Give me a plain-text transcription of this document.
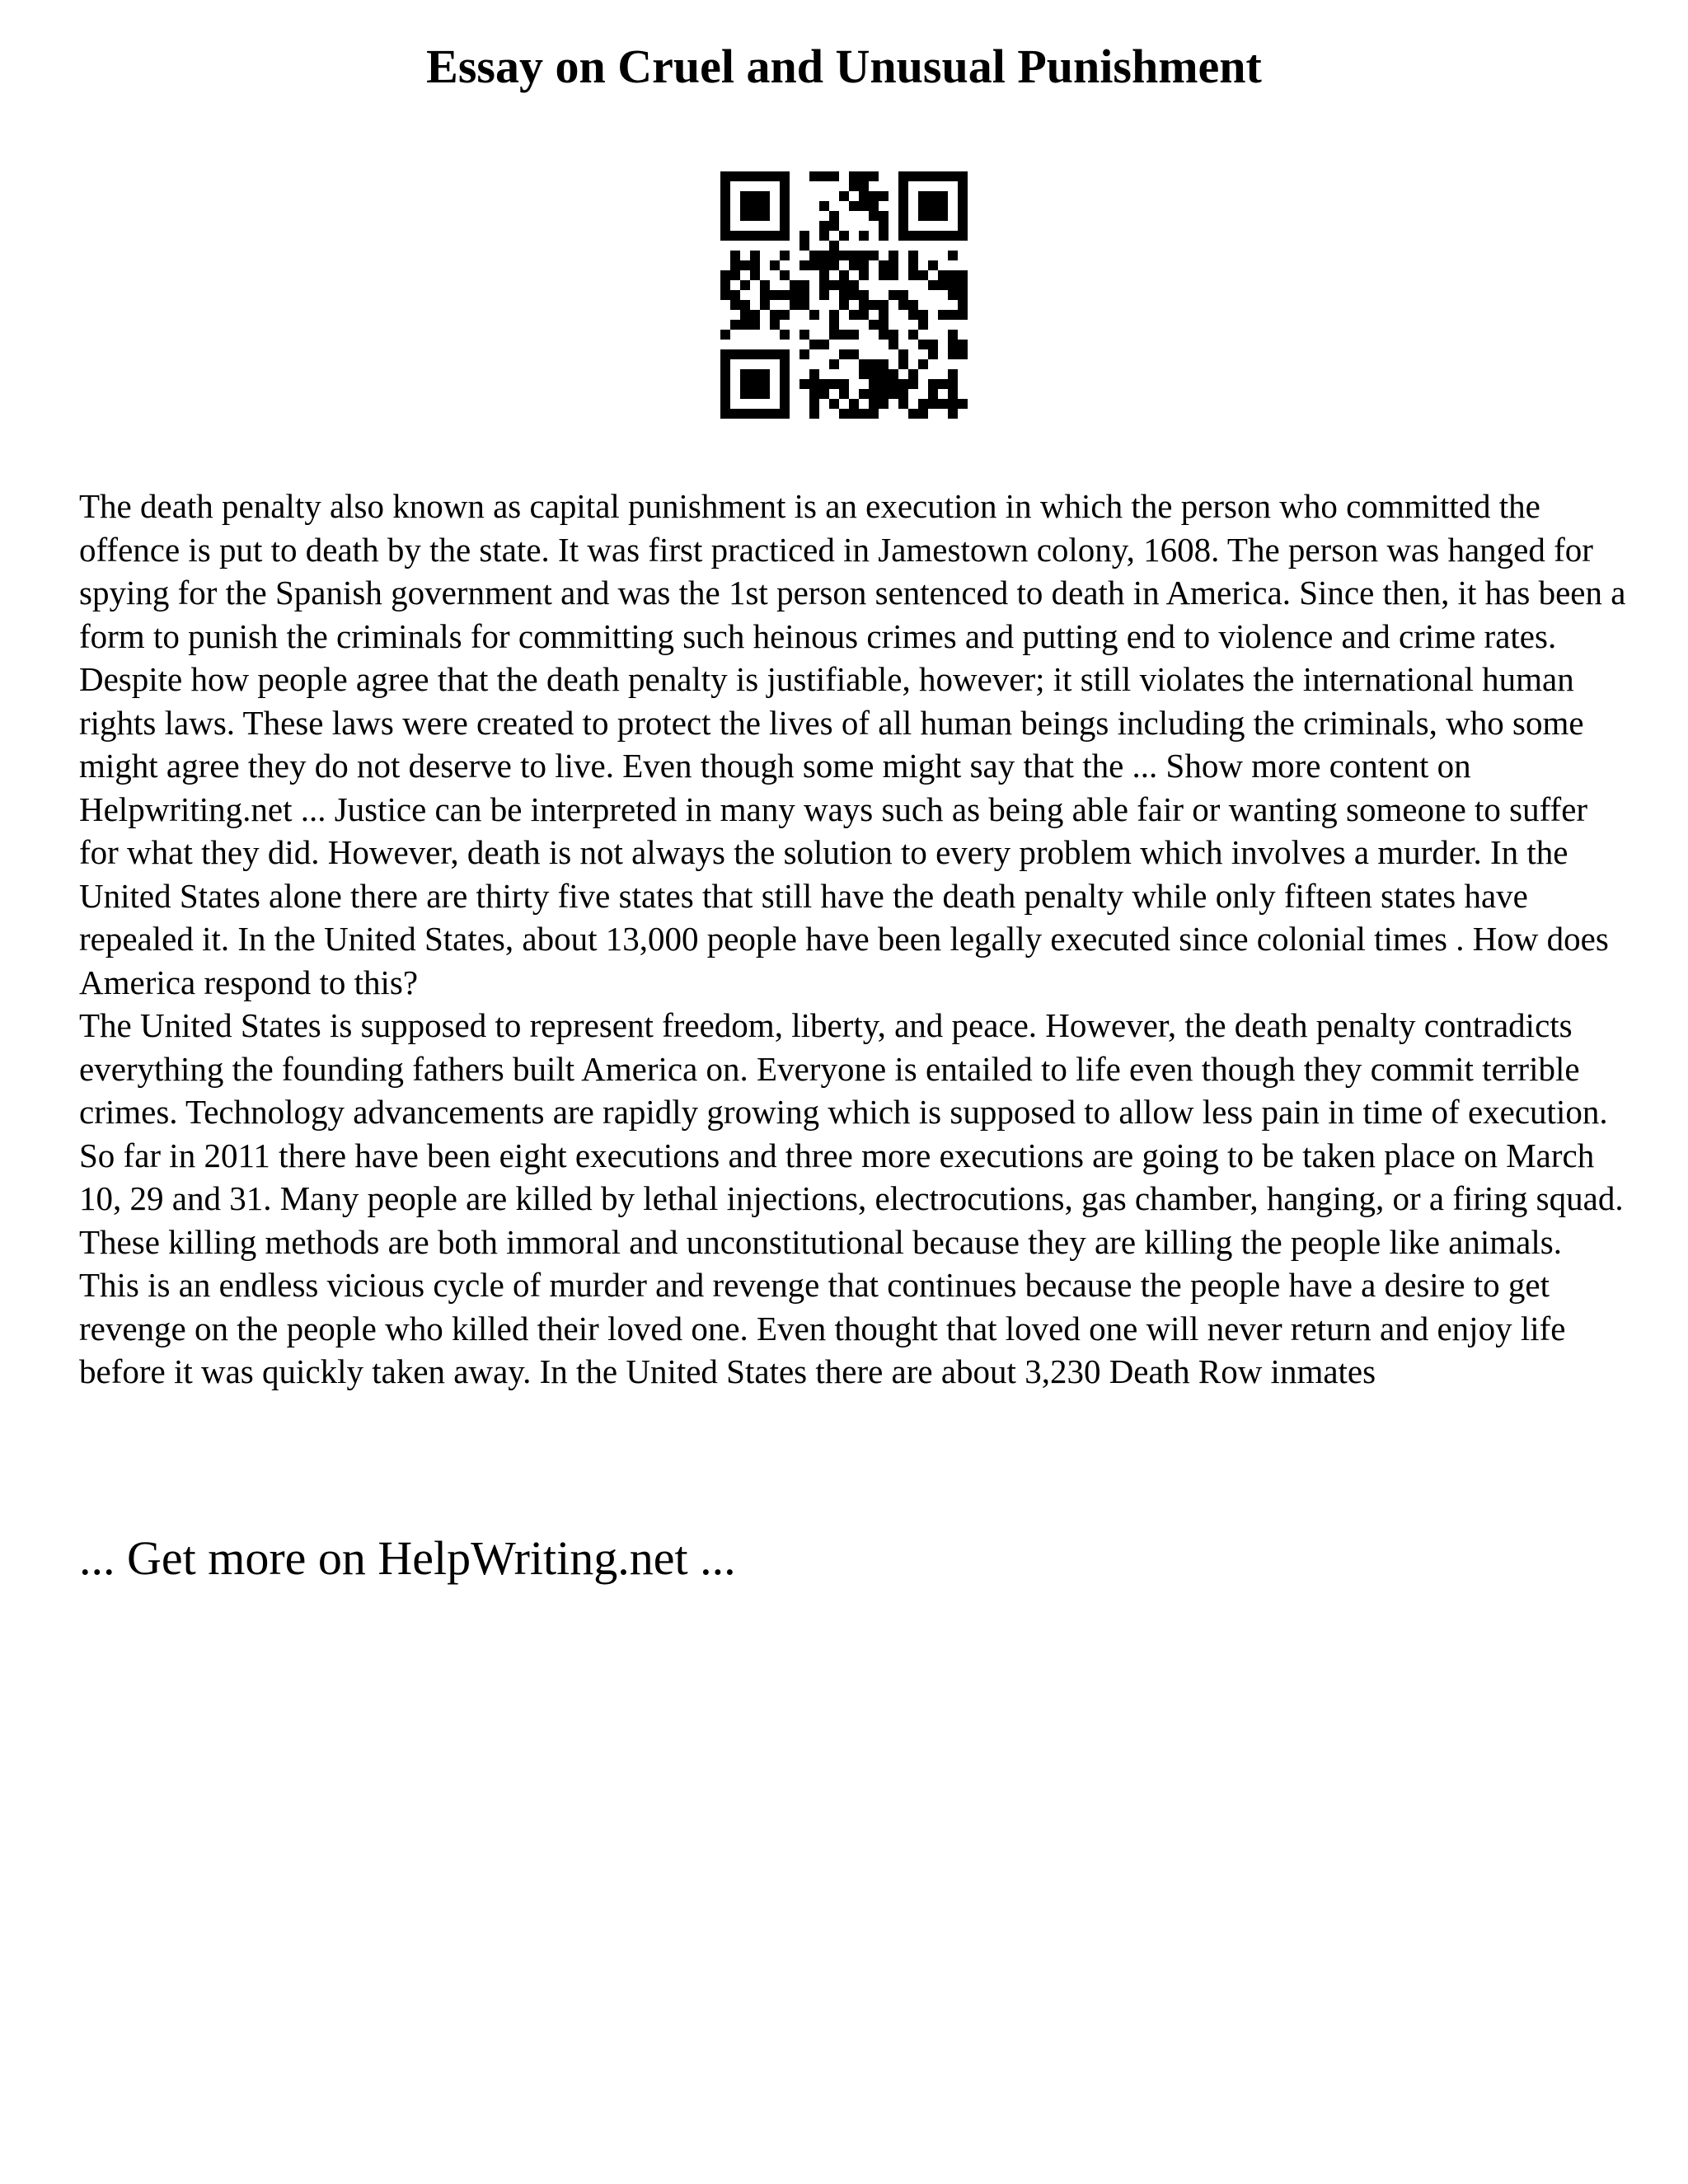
Essay on Cruel and Unusual Punishment

The death penalty also known as capital punishment is an execution in which the person who committed the offence is put to death by the state. It was first practiced in Jamestown colony, 1608. The person was hanged for spying for the Spanish government and was the 1st person sentenced to death in America. Since then, it has been a form to punish the criminals for committing such heinous crimes and putting end to violence and crime rates. Despite how people agree that the death penalty is justifiable, however; it still violates the international human rights laws. These laws were created to protect the lives of all human beings including the criminals, who some might agree they do not deserve to live. Even though some might say that the ... Show more content on Helpwriting.net ... Justice can be interpreted in many ways such as being able fair or wanting someone to suffer for what they did. However, death is not always the solution to every problem which involves a murder. In the United States alone there are thirty five states that still have the death penalty while only fifteen states have repealed it. In the United States, about 13,000 people have been legally executed since colonial times . How does America respond to this?

The United States is supposed to represent freedom, liberty, and peace. However, the death penalty contradicts everything the founding fathers built America on. Everyone is entailed to life even though they commit terrible crimes. Technology advancements are rapidly growing which is supposed to allow less pain in time of execution. So far in 2011 there have been eight executions and three more executions are going to be taken place on March 10, 29 and 31. Many people are killed by lethal injections, electrocutions, gas chamber, hanging, or a firing squad. These killing methods are both immoral and unconstitutional because they are killing the people like animals. This is an endless vicious cycle of murder and revenge that continues because the people have a desire to get revenge on the people who killed their loved one. Even thought that loved one will never return and enjoy life before it was quickly taken away. In the United States there are about 3,230 Death Row inmates

... Get more on HelpWriting.net ...
